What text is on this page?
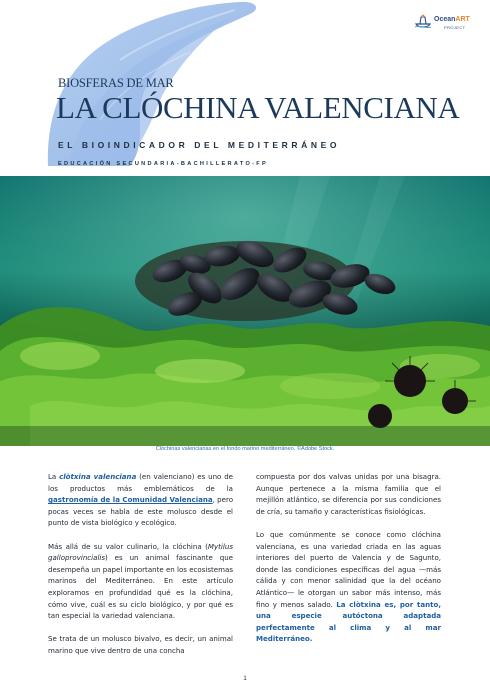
OceanART
PROJECT
BIOSFERAS DE MAR
LA CLÓCHINA VALENCIANA
EL BIOINDICADOR DEL MEDITERRÁNEO
EDUCACIÓN SECUNDARIA-BACHILLERATO-FP
Clóchinas valencianas en el fondo marino mediterráneo. ©Adobe Stock.

La clòtxina valenciana (en valenciano) es uno de los productos más emblemáticos de la gastronomía de la Comunidad Valenciana, pero pocas veces se habla de este molusco desde el punto de vista biológico y ecológico.

Más allá de su valor culinario, la clóchina (Mytilus galloprovincialis) es un animal fascinante que desempeña un papel importante en los ecosistemas marinos del Mediterráneo. En este artículo exploramos en profundidad qué es la clóchina, cómo vive, cuál es su ciclo biológico, y por qué es tan especial la variedad valenciana.

Se trata de un molusco bivalvo, es decir, un animal marino que vive dentro de una concha

compuesta por dos valvas unidas por una bisagra. Aunque pertenece a la misma familia que el mejillón atlántico, se diferencia por sus condiciones de cría, su tamaño y características fisiológicas.

Lo que comúnmente se conoce como clóchina valenciana, es una variedad criada en las aguas interiores del puerto de Valencia y de Sagunto, donde las condiciones específicas del agua —más cálida y con menor salinidad que la del océano Atlántico— le otorgan un sabor más intenso, más fino y menos salado. La clòtxina es, por tanto, una especie autóctona adaptada perfectamente al clima y al mar Mediterráneo.

1
